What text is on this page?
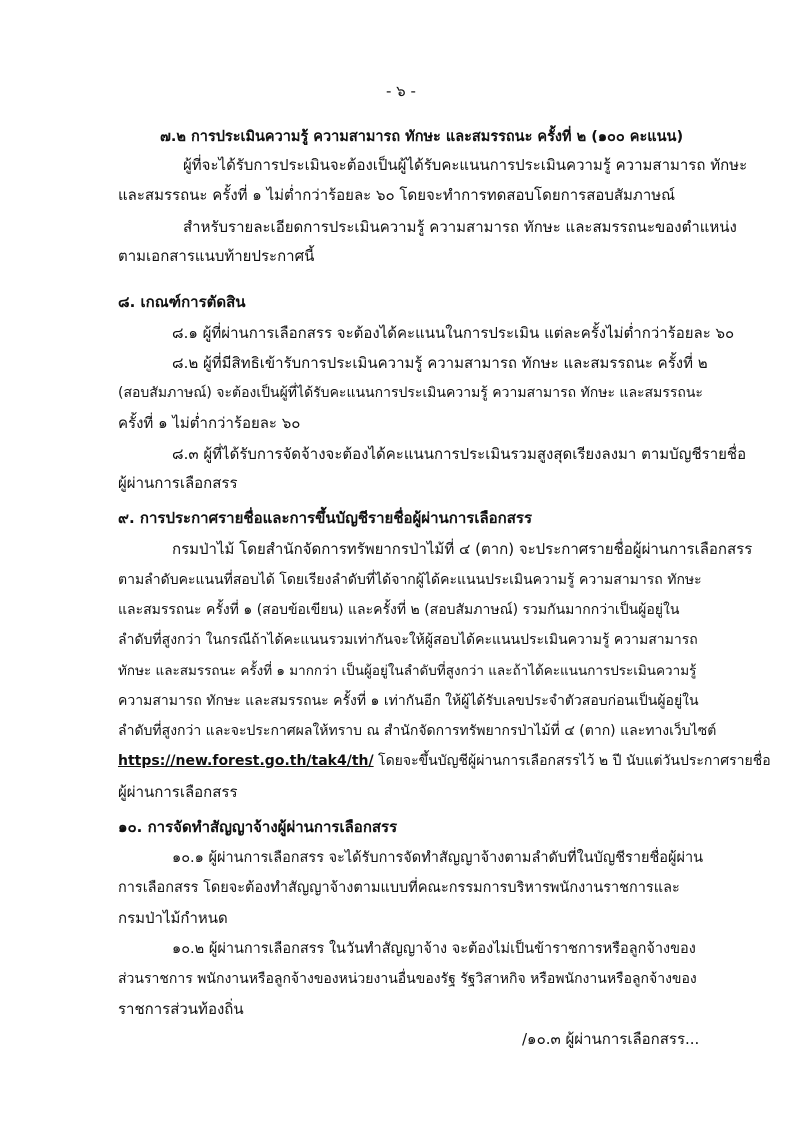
- ๖ -
๗.๒ การประเมินความรู้ ความสามารถ ทักษะ และสมรรถนะ ครั้งที่ ๒ (๑๐๐ คะแนน)
ผู้ที่จะได้รับการประเมินจะต้องเป็นผู้ได้รับคะแนนการประเมินความรู้ ความสามารถ ทักษะ
และสมรรถนะ ครั้งที่ ๑ ไม่ต่ำกว่าร้อยละ ๖๐ โดยจะทำการทดสอบโดยการสอบสัมภาษณ์
สำหรับรายละเอียดการประเมินความรู้ ความสามารถ ทักษะ และสมรรถนะของตำแหน่ง
ตามเอกสารแนบท้ายประกาศนี้
๘. เกณฑ์การตัดสิน
๘.๑ ผู้ที่ผ่านการเลือกสรร จะต้องได้คะแนนในการประเมิน แต่ละครั้งไม่ต่ำกว่าร้อยละ ๖๐
๘.๒ ผู้ที่มีสิทธิเข้ารับการประเมินความรู้ ความสามารถ ทักษะ และสมรรถนะ ครั้งที่ ๒
(สอบสัมภาษณ์) จะต้องเป็นผู้ที่ได้รับคะแนนการประเมินความรู้ ความสามารถ ทักษะ และสมรรถนะ
ครั้งที่ ๑ ไม่ต่ำกว่าร้อยละ ๖๐
๘.๓ ผู้ที่ได้รับการจัดจ้างจะต้องได้คะแนนการประเมินรวมสูงสุดเรียงลงมา ตามบัญชีรายชื่อ
ผู้ผ่านการเลือกสรร
๙. การประกาศรายชื่อและการขึ้นบัญชีรายชื่อผู้ผ่านการเลือกสรร
กรมป่าไม้ โดยสำนักจัดการทรัพยากรป่าไม้ที่ ๔ (ตาก) จะประกาศรายชื่อผู้ผ่านการเลือกสรร
ตามลำดับคะแนนที่สอบได้ โดยเรียงลำดับที่ได้จากผู้ได้คะแนนประเมินความรู้ ความสามารถ ทักษะ
และสมรรถนะ ครั้งที่ ๑ (สอบข้อเขียน) และครั้งที่ ๒ (สอบสัมภาษณ์) รวมกันมากกว่าเป็นผู้อยู่ใน
ลำดับที่สูงกว่า ในกรณีถ้าได้คะแนนรวมเท่ากันจะให้ผู้สอบได้คะแนนประเมินความรู้ ความสามารถ
ทักษะ และสมรรถนะ ครั้งที่ ๑ มากกว่า เป็นผู้อยู่ในลำดับที่สูงกว่า และถ้าได้คะแนนการประเมินความรู้
ความสามารถ ทักษะ และสมรรถนะ ครั้งที่ ๑ เท่ากันอีก ให้ผู้ได้รับเลขประจำตัวสอบก่อนเป็นผู้อยู่ใน
ลำดับที่สูงกว่า และจะประกาศผลให้ทราบ ณ สำนักจัดการทรัพยากรป่าไม้ที่ ๔ (ตาก) และทางเว็บไซต์
https://new.forest.go.th/tak4/th/ โดยจะขึ้นบัญชีผู้ผ่านการเลือกสรรไว้ ๒ ปี นับแต่วันประกาศรายชื่อ
ผู้ผ่านการเลือกสรร
๑๐. การจัดทำสัญญาจ้างผู้ผ่านการเลือกสรร
๑๐.๑ ผู้ผ่านการเลือกสรร จะได้รับการจัดทำสัญญาจ้างตามลำดับที่ในบัญชีรายชื่อผู้ผ่าน
การเลือกสรร โดยจะต้องทำสัญญาจ้างตามแบบที่คณะกรรมการบริหารพนักงานราชการและ
กรมป่าไม้กำหนด
๑๐.๒ ผู้ผ่านการเลือกสรร ในวันทำสัญญาจ้าง จะต้องไม่เป็นข้าราชการหรือลูกจ้างของ
ส่วนราชการ พนักงานหรือลูกจ้างของหน่วยงานอื่นของรัฐ รัฐวิสาหกิจ หรือพนักงานหรือลูกจ้างของ
ราชการส่วนท้องถิ่น
/๑๐.๓ ผู้ผ่านการเลือกสรร...
